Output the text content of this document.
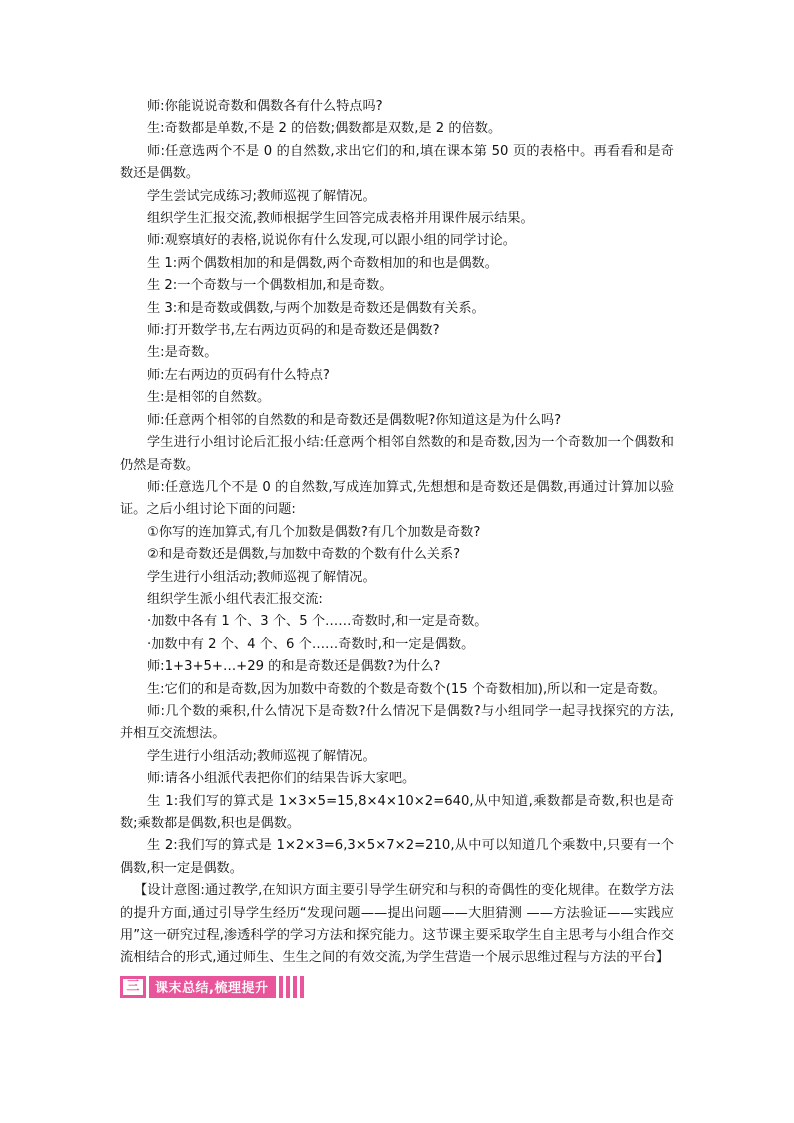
师:你能说说奇数和偶数各有什么特点吗?

生:奇数都是单数,不是 2 的倍数;偶数都是双数,是 2 的倍数。

师:任意选两个不是 0 的自然数,求出它们的和,填在课本第 50 页的表格中。再看看和是奇数还是偶数。

学生尝试完成练习;教师巡视了解情况。

组织学生汇报交流,教师根据学生回答完成表格并用课件展示结果。

师:观察填好的表格,说说你有什么发现,可以跟小组的同学讨论。

生 1:两个偶数相加的和是偶数,两个奇数相加的和也是偶数。

生 2:一个奇数与一个偶数相加,和是奇数。

生 3:和是奇数或偶数,与两个加数是奇数还是偶数有关系。

师:打开数学书,左右两边页码的和是奇数还是偶数?

生:是奇数。

师:左右两边的页码有什么特点?

生:是相邻的自然数。

师:任意两个相邻的自然数的和是奇数还是偶数呢?你知道这是为什么吗?

学生进行小组讨论后汇报小结:任意两个相邻自然数的和是奇数,因为一个奇数加一个偶数和仍然是奇数。

师:任意选几个不是 0 的自然数,写成连加算式,先想想和是奇数还是偶数,再通过计算加以验证。之后小组讨论下面的问题:

①你写的连加算式,有几个加数是偶数?有几个加数是奇数?

②和是奇数还是偶数,与加数中奇数的个数有什么关系?

学生进行小组活动;教师巡视了解情况。

组织学生派小组代表汇报交流:

·加数中各有 1 个、3 个、5 个……奇数时,和一定是奇数。

·加数中有 2 个、4 个、6 个……奇数时,和一定是偶数。

师:1+3+5+…+29 的和是奇数还是偶数?为什么?

生:它们的和是奇数,因为加数中奇数的个数是奇数个(15 个奇数相加),所以和一定是奇数。

师:几个数的乘积,什么情况下是奇数?什么情况下是偶数?与小组同学一起寻找探究的方法,并相互交流想法。

学生进行小组活动;教师巡视了解情况。

师:请各小组派代表把你们的结果告诉大家吧。

生 1:我们写的算式是 1×3×5=15,8×4×10×2=640,从中知道,乘数都是奇数,积也是奇数;乘数都是偶数,积也是偶数。

生 2:我们写的算式是 1×2×3=6,3×5×7×2=210,从中可以知道几个乘数中,只要有一个偶数,积一定是偶数。

【设计意图:通过教学,在知识方面主要引导学生研究和与积的奇偶性的变化规律。在数学方法的提升方面,通过引导学生经历“发现问题——提出问题——大胆猜测 ——方法验证——实践应用”这一研究过程,渗透科学的学习方法和探究能力。这节课主要采取学生自主思考与小组合作交流相结合的形式,通过师生、生生之间的有效交流,为学生营造一个展示思维过程与方法的平台】

三	课末总结,梳理提升
